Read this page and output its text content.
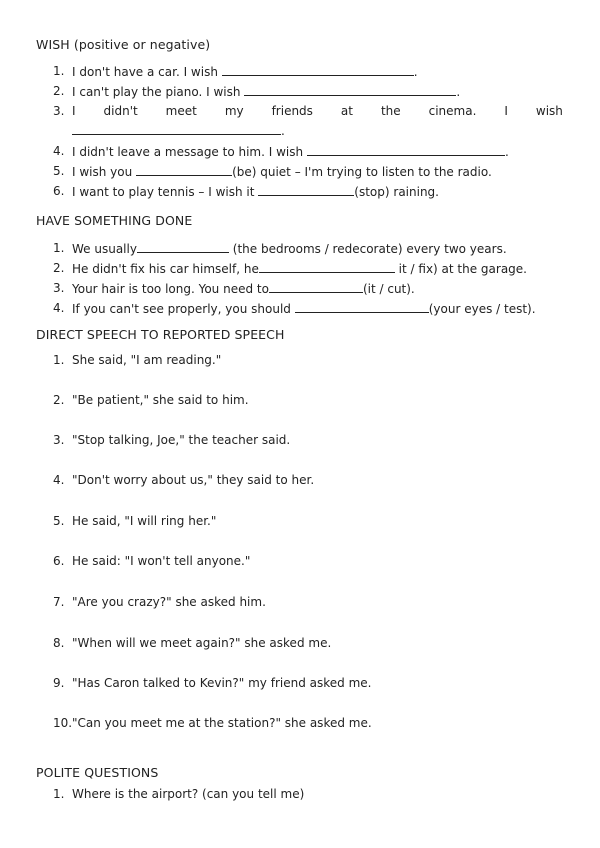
WISH (positive or negative)
1. I don't have a car. I wish	.
2. I can't play the piano. I wish	.
3. I didn't meet my friends at the cinema. I wish
.
4. I didn't leave a message to him. I wish	.
5. I wish you	(be) quiet – I'm trying to listen to the radio.
6. I want to play tennis – I wish it	(stop) raining.
HAVE SOMETHING DONE
1. We usually	(the bedrooms / redecorate) every two years.
2. He didn't fix his car himself, he	it / fix) at the garage.
3. Your hair is too long. You need to	(it / cut).
4. If you can't see properly, you should	(your eyes / test).
DIRECT SPEECH TO REPORTED SPEECH
1. She said, "I am reading."
2. "Be patient," she said to him.
3. "Stop talking, Joe," the teacher said.
4. "Don't worry about us," they said to her.
5. He said, "I will ring her."
6. He said: "I won't tell anyone."
7. "Are you crazy?" she asked him.
8. "When will we meet again?" she asked me.
9. "Has Caron talked to Kevin?" my friend asked me.
10. "Can you meet me at the station?" she asked me.
POLITE QUESTIONS
1. Where is the airport? (can you tell me)
